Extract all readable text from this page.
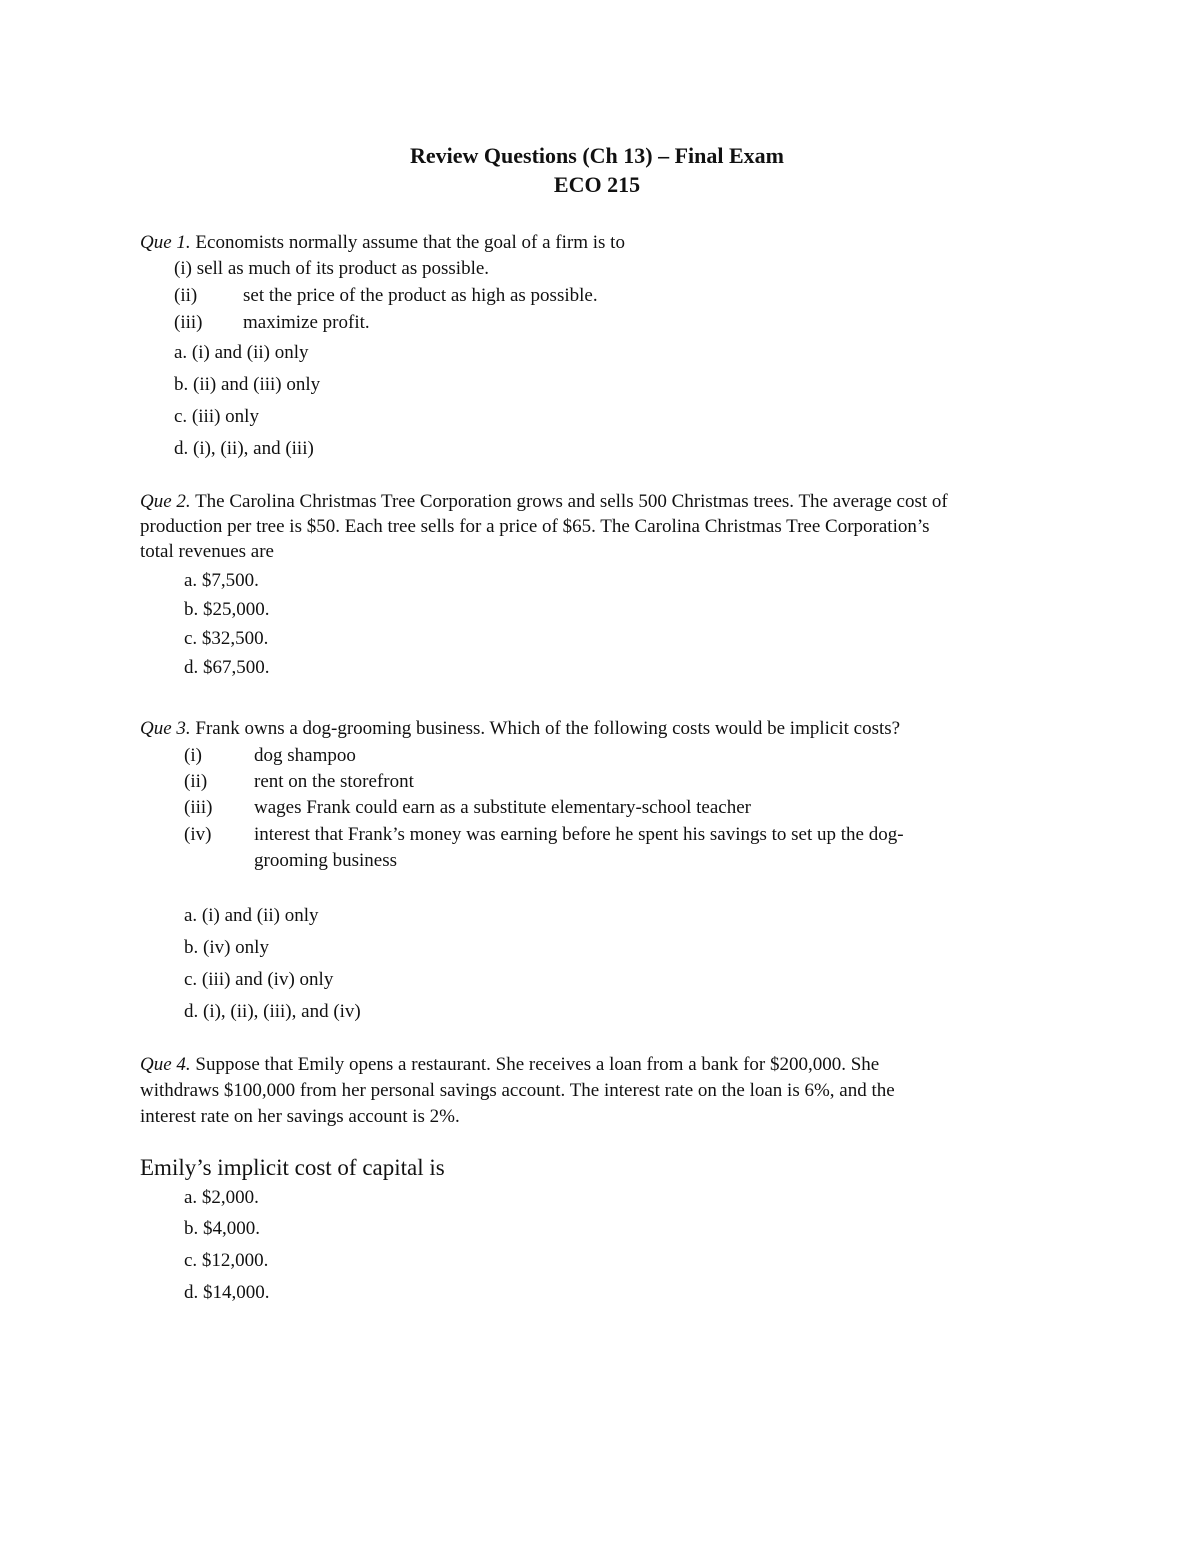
Review Questions (Ch 13) – Final Exam
ECO 215
Que 1. Economists normally assume that the goal of a firm is to
(i) sell as much of its product as possible.
(ii) set the price of the product as high as possible.
(iii) maximize profit.
a. (i) and (ii) only
b. (ii) and (iii) only
c. (iii) only
d. (i), (ii), and (iii)
Que 2. The Carolina Christmas Tree Corporation grows and sells 500 Christmas trees. The average cost of
production per tree is $50. Each tree sells for a price of $65. The Carolina Christmas Tree Corporation’s
total revenues are
a. $7,500.
b. $25,000.
c. $32,500.
d. $67,500.
Que 3. Frank owns a dog-grooming business. Which of the following costs would be implicit costs?
(i)	dog shampoo
(ii) rent on the storefront
(iii) wages Frank could earn as a substitute elementary-school teacher
(iv) interest that Frank’s money was earning before he spent his savings to set up the dog-
grooming business
a. (i) and (ii) only
b. (iv) only
c. (iii) and (iv) only
d. (i), (ii), (iii), and (iv)
Que 4. Suppose that Emily opens a restaurant. She receives a loan from a bank for $200,000. She
withdraws $100,000 from her personal savings account. The interest rate on the loan is 6%, and the
interest rate on her savings account is 2%.
Emily’s implicit cost of capital is
a. $2,000.
b. $4,000.
c. $12,000.
d. $14,000.
